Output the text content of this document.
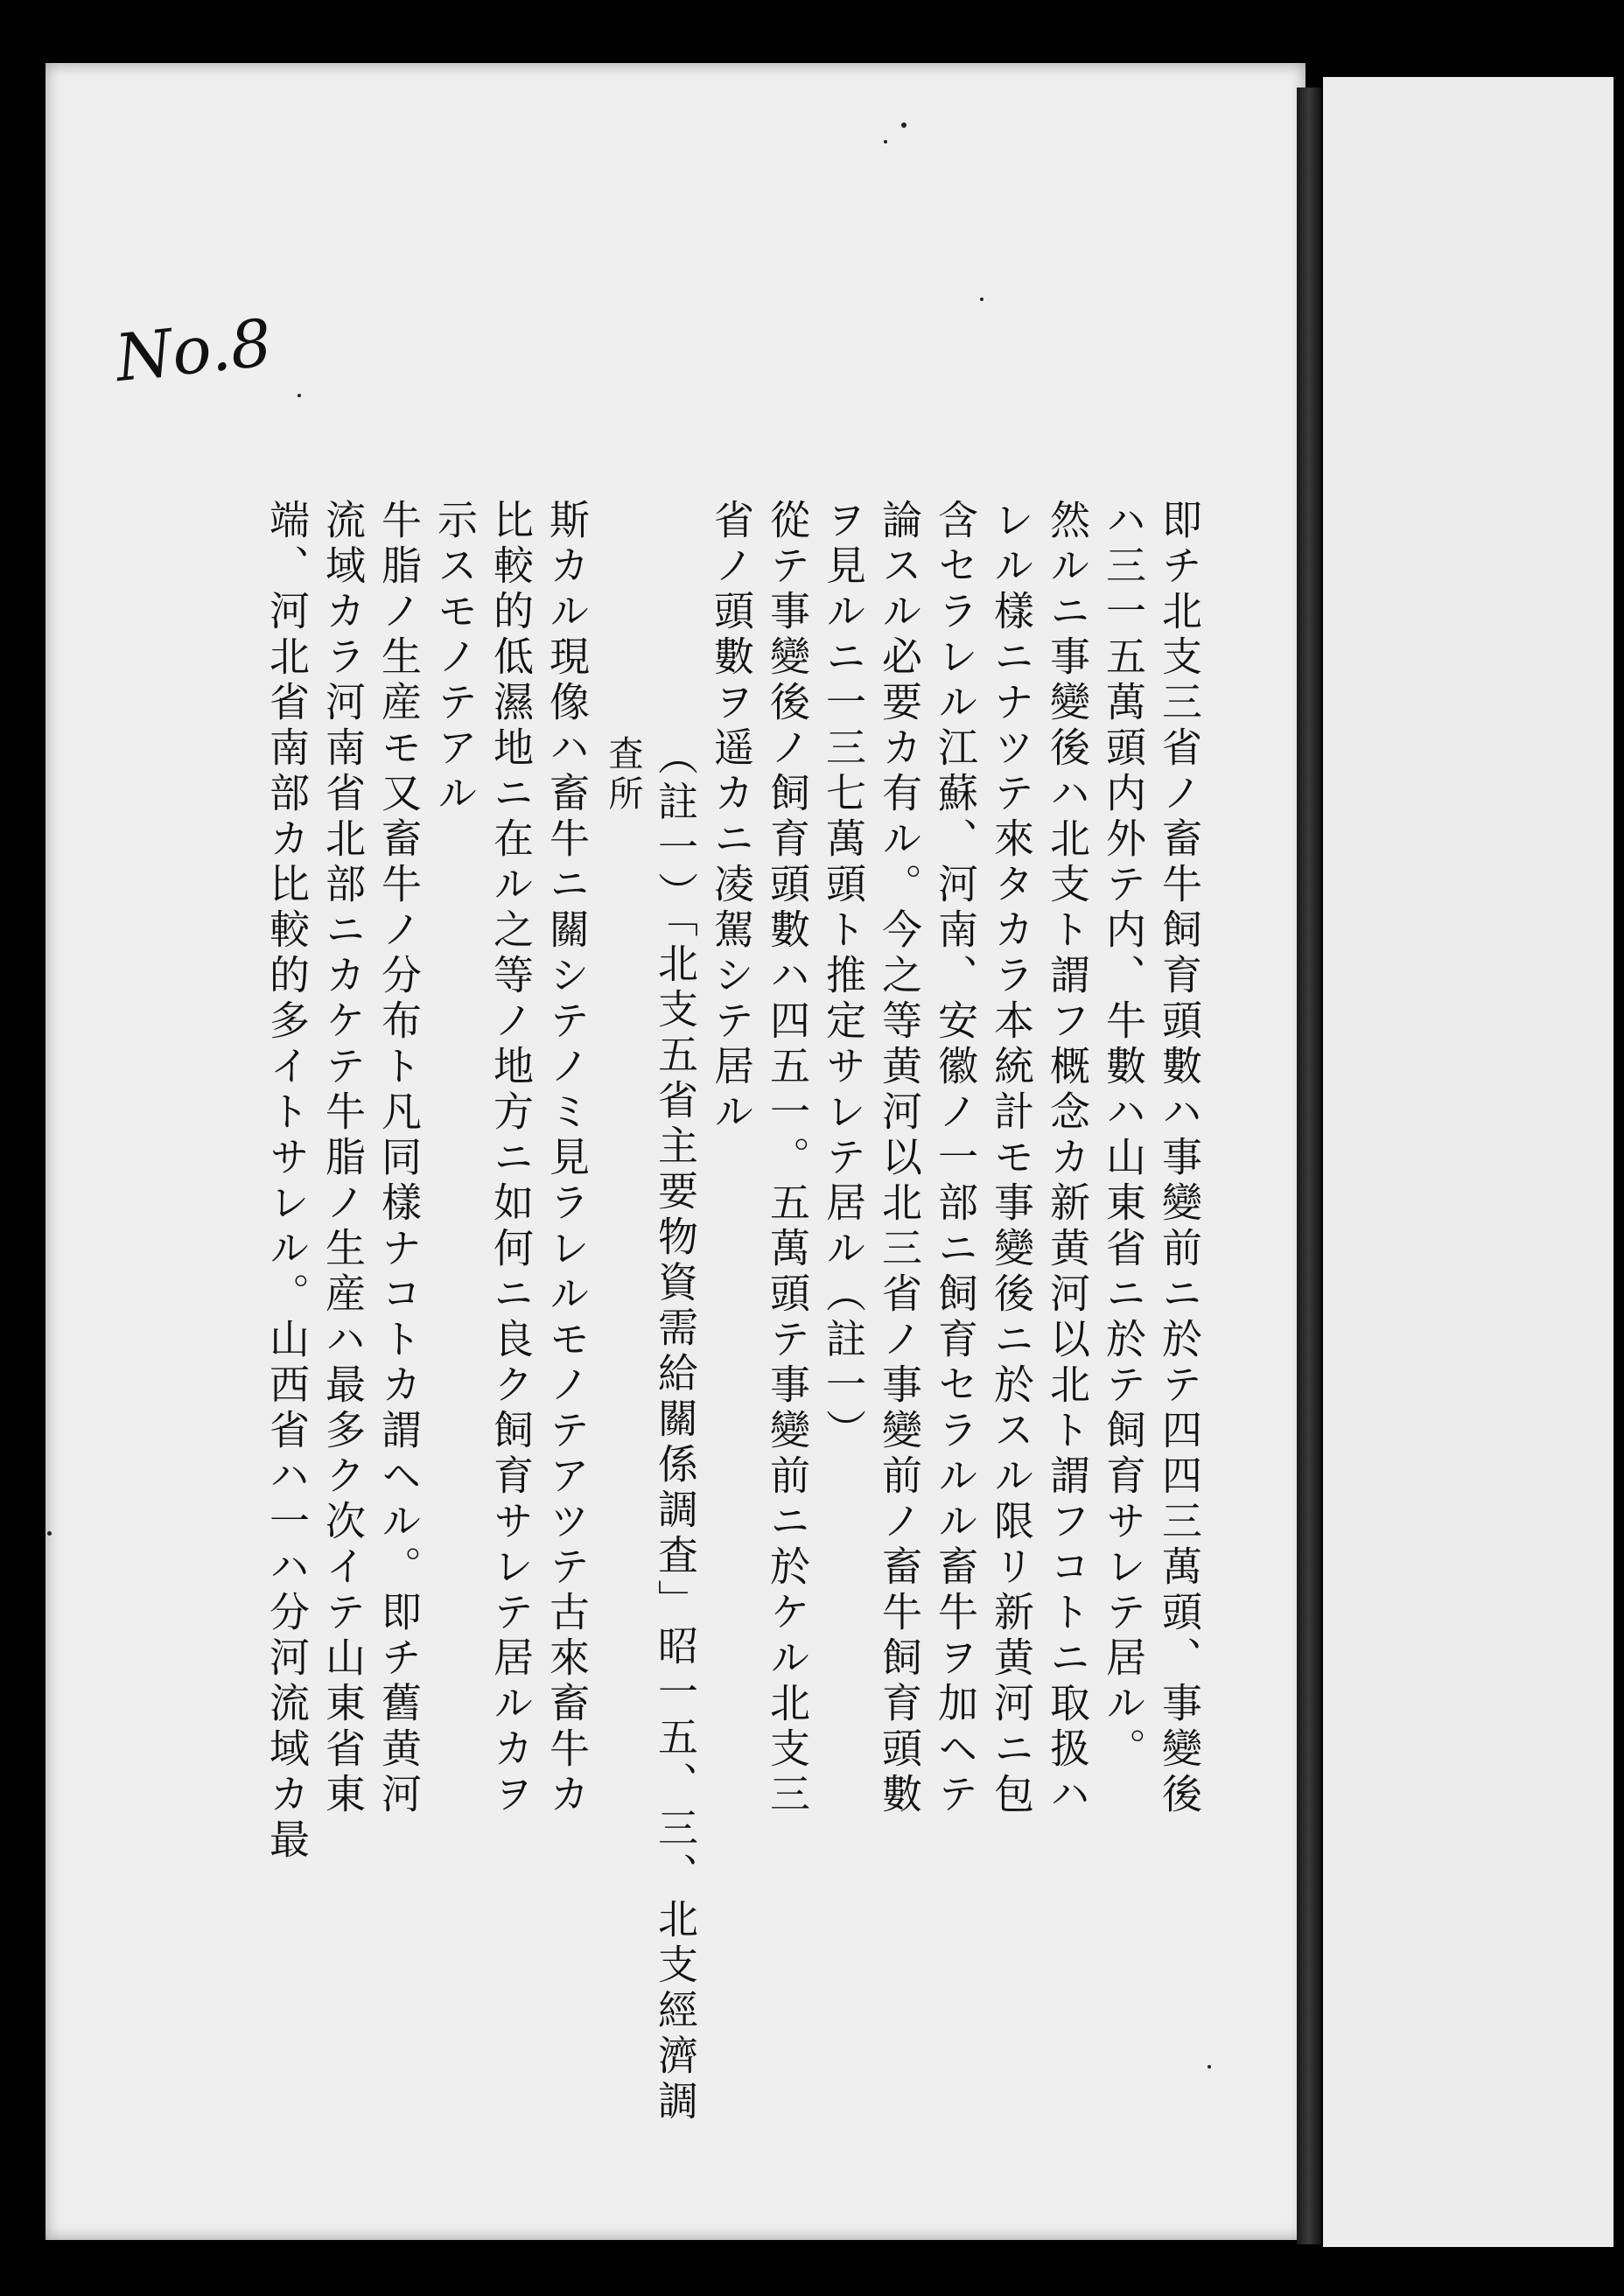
No.8
即チ北支三省ノ畜牛飼育頭數ハ事變前ニ於テ四四三萬頭、事變後
ハ三一五萬頭内外テ内、牛數ハ山東省ニ於テ飼育サレテ居ル。
然ルニ事變後ハ北支ト謂フ概念カ新黄河以北ト謂フコトニ取扱ハ
レル樣ニナツテ來タカラ本統計モ事變後ニ於スル限リ新黄河ニ包
含セラレル江蘇、河南、安徽ノ一部ニ飼育セラルル畜牛ヲ加ヘテ
論スル必要カ有ル。今之等黄河以北三省ノ事變前ノ畜牛飼育頭數
ヲ見ルニ一三七萬頭ト推定サレテ居ル（註一）
從テ事變後ノ飼育頭數ハ四五一。五萬頭テ事變前ニ於ケル北支三
省ノ頭數ヲ遥カニ凌駕シテ居ル
（註一）「北支五省主要物資需給關係調査」昭一五、三、北支經濟調
査所
斯カル現像ハ畜牛ニ關シテノミ見ラレルモノテアツテ古來畜牛カ
比較的低濕地ニ在ル之等ノ地方ニ如何ニ良ク飼育サレテ居ルカヲ
示スモノテアル
牛脂ノ生産モ又畜牛ノ分布ト凡同樣ナコトカ謂ヘル。即チ舊黄河
流域カラ河南省北部ニカケテ牛脂ノ生産ハ最多ク次イテ山東省東
端、河北省南部カ比較的多イトサレル。山西省ハ一ハ分河流域カ最
